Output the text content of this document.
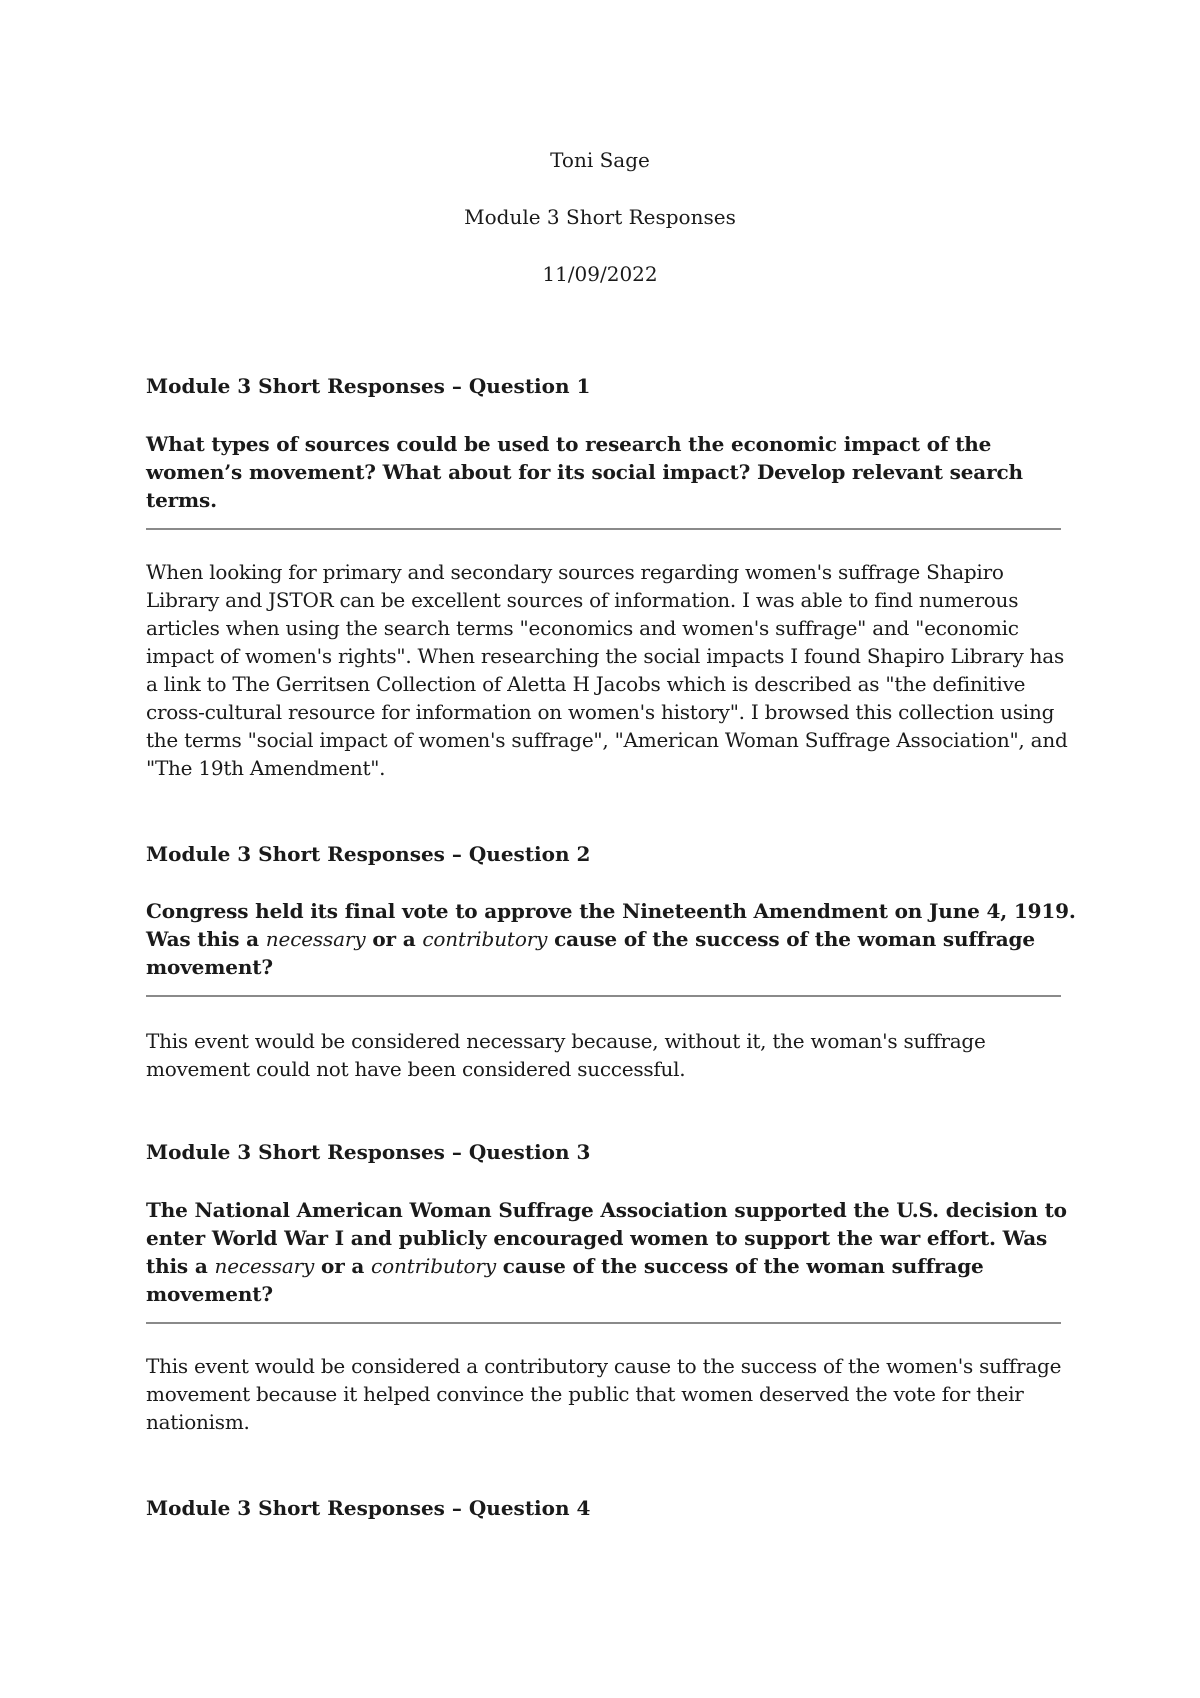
Toni Sage
Module 3 Short Responses
11/09/2022
Module 3 Short Responses – Question 1
What types of sources could be used to research the economic impact of the women’s movement? What about for its social impact? Develop relevant search terms.
When looking for primary and secondary sources regarding women's suffrage Shapiro Library and JSTOR can be excellent sources of information. I was able to find numerous articles when using the search terms "economics and women's suffrage" and "economic impact of women's rights". When researching the social impacts I found Shapiro Library has a link to The Gerritsen Collection of Aletta H Jacobs which is described as "the definitive cross-cultural resource for information on women's history". I browsed this collection using the terms "social impact of women's suffrage", "American Woman Suffrage Association", and "The 19th Amendment".
Module 3 Short Responses – Question 2
Congress held its final vote to approve the Nineteenth Amendment on June 4, 1919. Was this a necessary or a contributory cause of the success of the woman suffrage movement?
This event would be considered necessary because, without it, the woman's suffrage movement could not have been considered successful.
Module 3 Short Responses – Question 3
The National American Woman Suffrage Association supported the U.S. decision to enter World War I and publicly encouraged women to support the war effort. Was this a necessary or a contributory cause of the success of the woman suffrage movement?
This event would be considered a contributory cause to the success of the women's suffrage movement because it helped convince the public that women deserved the vote for their nationism.
Module 3 Short Responses – Question 4
